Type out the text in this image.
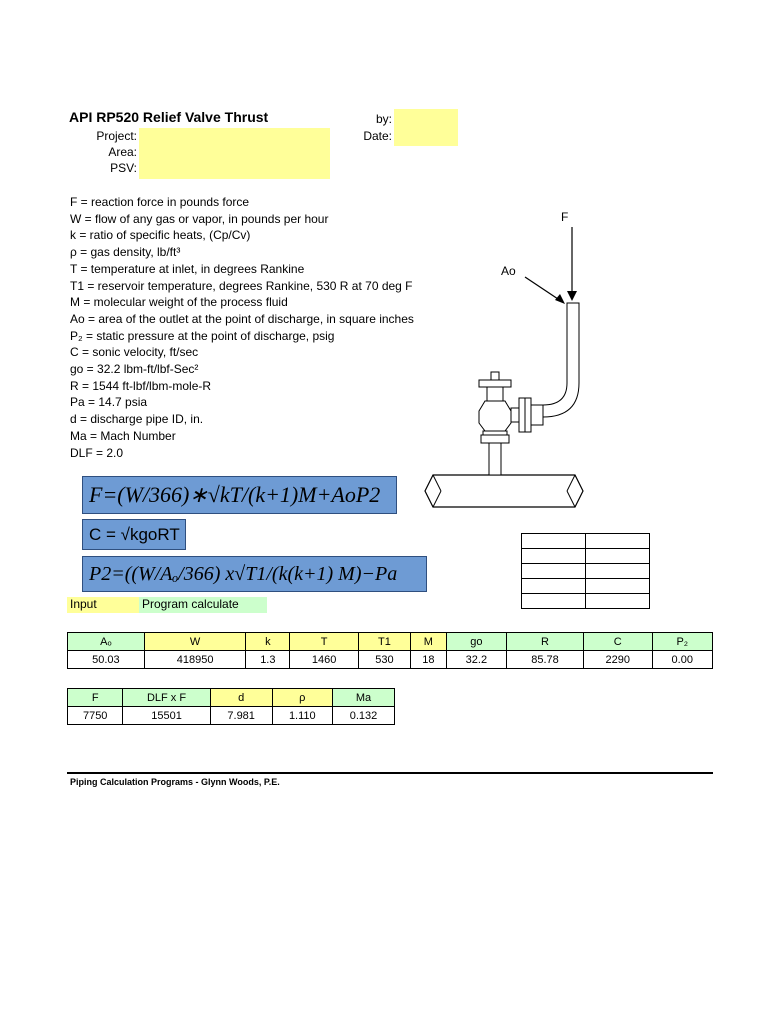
API RP520 Relief Valve Thrust	by:
Date:
Project:
Area:
PSV:
F = reaction force in pounds force
W = flow of any gas or vapor, in pounds per hour
k = ratio of specific heats, (Cp/Cv)
ρ = gas density, lb/ft³
T = temperature at inlet, in degrees Rankine
T1 = reservoir temperature, degrees Rankine, 530 R at 70 deg F
M = molecular weight of the process fluid
Ao = area of the outlet at the point of discharge, in square inches
P₂ = static pressure at the point of discharge, psig
C = sonic velocity, ft/sec
go = 32.2 lbm-ft/lbf-Sec²
R = 1544 ft-lbf/lbm-mole-R
Pa = 14.7 psia
d = discharge pipe ID, in.
Ma = Mach Number
DLF = 2.0
F=(W/366)∗√kT/(k+1)M+AoP2
C = √kgoRT
P2=((W/Aₒ/366) x√T1/(k(k+1) M)−Pa
Input	Program calculate
F
Ao

Aₒ	W	k	T	T1	M	go	R	C	P₂
50.03	418950	1.3	1460	530	18	32.2	85.78	2290	0.00
F	DLF x F	d	ρ	Ma
7750	15501	7.981	1.110	0.132
Piping Calculation Programs - Glynn Woods, P.E.
